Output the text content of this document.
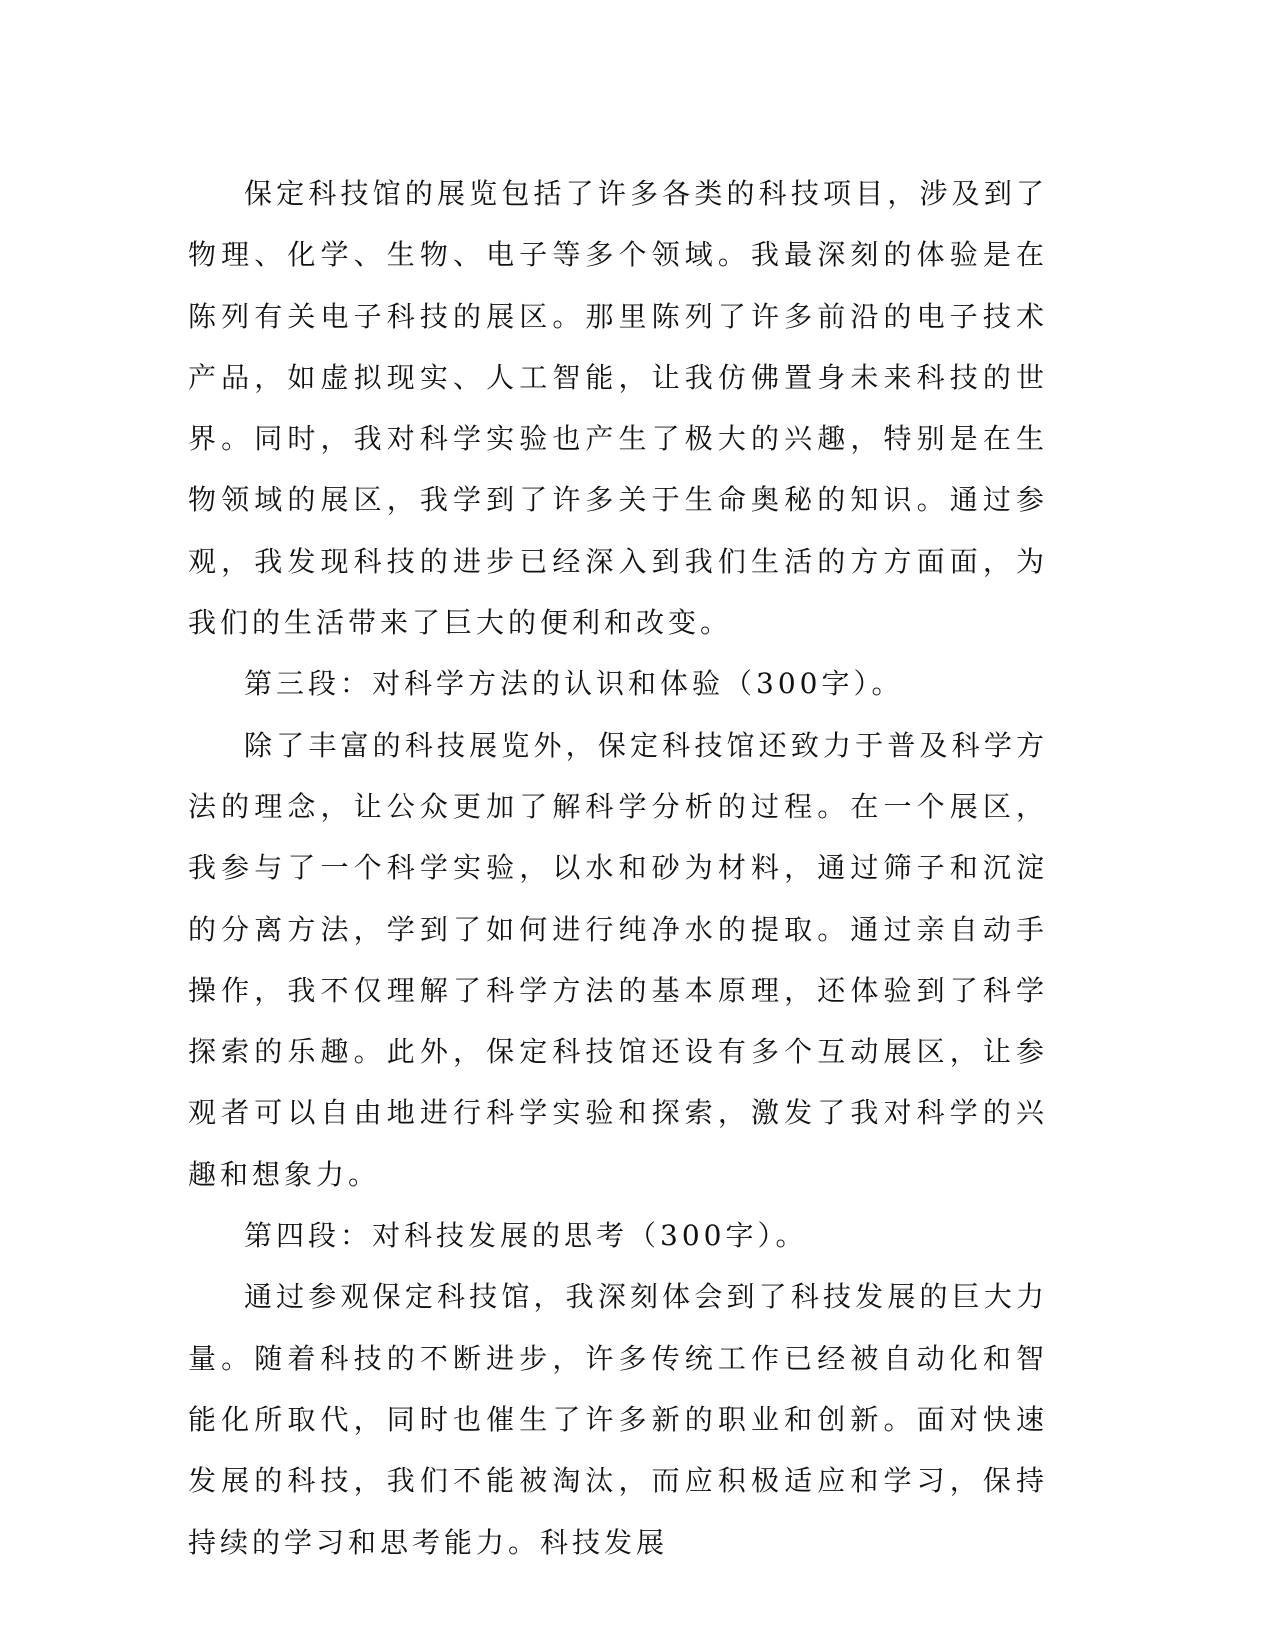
保定科技馆的展览包括了许多各类的科技项目，涉及到了物理、化学、生物、电子等多个领域。我最深刻的体验是在陈列有关电子科技的展区。那里陈列了许多前沿的电子技术产品，如虚拟现实、人工智能，让我仿佛置身未来科技的世界。同时，我对科学实验也产生了极大的兴趣，特别是在生物领域的展区，我学到了许多关于生命奥秘的知识。通过参观，我发现科技的进步已经深入到我们生活的方方面面，为我们的生活带来了巨大的便利和改变。

第三段：对科学方法的认识和体验（300字）。

除了丰富的科技展览外，保定科技馆还致力于普及科学方法的理念，让公众更加了解科学分析的过程。在一个展区，我参与了一个科学实验，以水和砂为材料，通过筛子和沉淀的分离方法，学到了如何进行纯净水的提取。通过亲自动手操作，我不仅理解了科学方法的基本原理，还体验到了科学探索的乐趣。此外，保定科技馆还设有多个互动展区，让参观者可以自由地进行科学实验和探索，激发了我对科学的兴趣和想象力。

第四段：对科技发展的思考（300字）。

通过参观保定科技馆，我深刻体会到了科技发展的巨大力量。随着科技的不断进步，许多传统工作已经被自动化和智能化所取代，同时也催生了许多新的职业和创新。面对快速发展的科技，我们不能被淘汰，而应积极适应和学习，保持持续的学习和思考能力。科技发展
